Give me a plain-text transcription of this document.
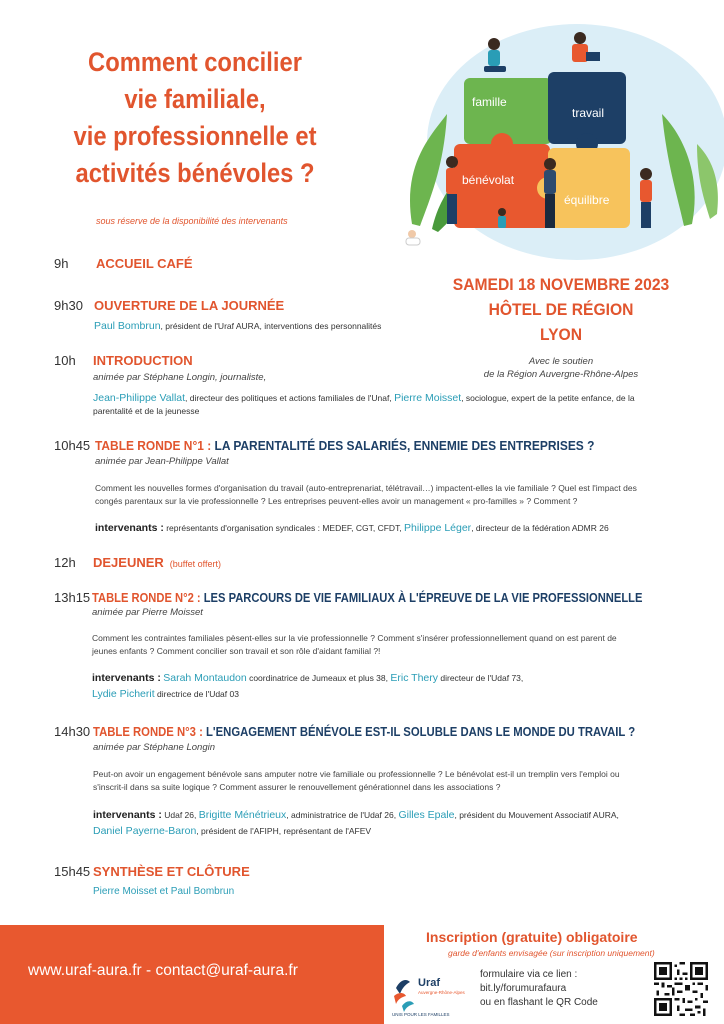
Comment concilier
vie familiale,
vie professionnelle et
activités bénévoles ?
sous réserve de la disponibilité des intervenants
famille
travail
bénévolat
équilibre
SAMEDI 18 NOVEMBRE 2023
HÔTEL DE RÉGION
LYON
Avec le soutien
de la Région Auvergne-Rhône-Alpes
9h ACCUEIL CAFÉ
9h30 OUVERTURE DE LA JOURNÉE
Paul Bombrun, président de l'Uraf AURA, interventions des personnalités
10h INTRODUCTION
animée par Stéphane Longin, journaliste,
Jean-Philippe Vallat, directeur des politiques et actions familiales de l'Unaf, Pierre Moisset, sociologue, expert de la petite enfance, de la
parentalité et de la jeunesse
10h45 TABLE RONDE N°1 : LA PARENTALITÉ DES SALARIÉS, ENNEMIE DES ENTREPRISES ?
animée par Jean-Philippe Vallat
Comment les nouvelles formes d'organisation du travail (auto-entreprenariat, télétravail…) impactent-elles la vie familiale ? Quel est l'impact des
congés parentaux sur la vie professionnelle ? Les entreprises peuvent-elles avoir un management « pro-familles » ? Comment ?
intervenants : représentants d'organisation syndicales : MEDEF, CGT, CFDT, Philippe Léger, directeur de la fédération ADMR 26
12h DEJEUNER (buffet offert)
13h15 TABLE RONDE N°2 : LES PARCOURS DE VIE FAMILIAUX À L'ÉPREUVE DE LA VIE PROFESSIONNELLE
animée par Pierre Moisset
Comment les contraintes familiales pèsent-elles sur la vie professionnelle ? Comment s'insérer professionnellement quand on est parent de
jeunes enfants ? Comment concilier son travail et son rôle d'aidant familial ?!
intervenants : Sarah Montaudon coordinatrice de Jumeaux et plus 38, Eric Thery directeur de l'Udaf 73,
Lydie Picherit directrice de l'Udaf 03
14h30 TABLE RONDE N°3 : L'ENGAGEMENT BÉNÉVOLE EST-IL SOLUBLE DANS LE MONDE DU TRAVAIL ?
animée par Stéphane Longin
Peut-on avoir un engagement bénévole sans amputer notre vie familiale ou professionnelle ? Le bénévolat est-il un tremplin vers l'emploi ou
s'inscrit-il dans sa suite logique ? Comment assurer le renouvellement générationnel dans les associations ?
intervenants : Udaf 26, Brigitte Ménétrieux, administratrice de l'Udaf 26, Gilles Epale, président du Mouvement Associatif AURA,
Daniel Payerne-Baron, président de l'AFIPH, représentant de l'AFEV
15h45 SYNTHÈSE ET CLÔTURE
Pierre Moisset et Paul Bombrun
www.uraf-aura.fr - contact@uraf-aura.fr
Inscription (gratuite) obligatoire
garde d'enfants envisagée (sur inscription uniquement)
Uraf
Auvergne-Rhône-Alpes
UNIS POUR LES FAMILLES
formulaire via ce lien :
bit.ly/forumurafaura
ou en flashant le QR Code
